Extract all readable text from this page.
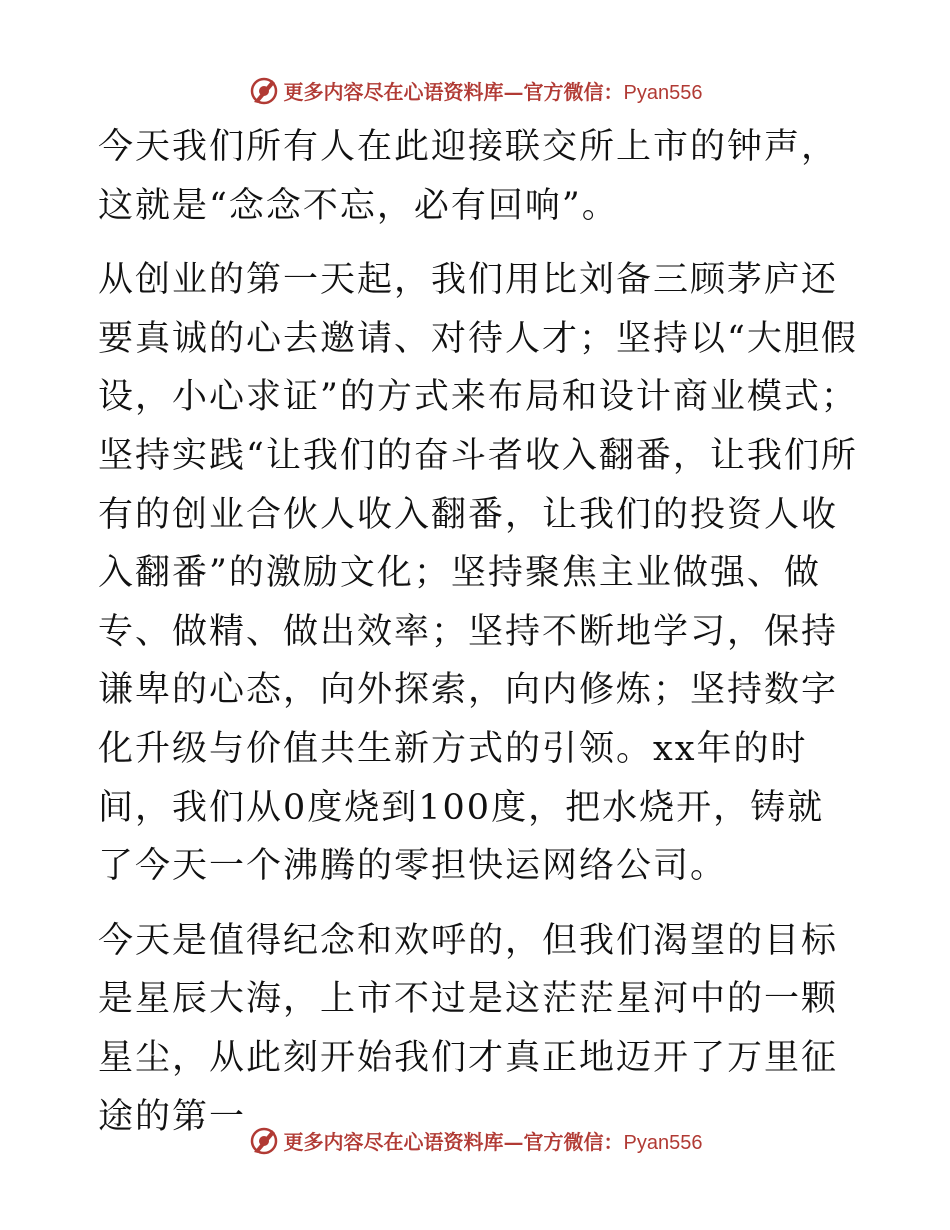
更多内容尽在心语资料库—官方微信：Pyan556

今天我们所有人在此迎接联交所上市的钟声，这就是“念念不忘，必有回响”。

从创业的第一天起，我们用比刘备三顾茅庐还要真诚的心去邀请、对待人才；坚持以“大胆假设，小心求证”的方式来布局和设计商业模式；坚持实践“让我们的奋斗者收入翻番，让我们所有的创业合伙人收入翻番，让我们的投资人收入翻番”的激励文化；坚持聚焦主业做强、做专、做精、做出效率；坚持不断地学习，保持谦卑的心态，向外探索，向内修炼；坚持数字化升级与价值共生新方式的引领。xx年的时间，我们从0度烧到100度，把水烧开，铸就了今天一个沸腾的零担快运网络公司。

今天是值得纪念和欢呼的，但我们渴望的目标是星辰大海，上市不过是这茫茫星河中的一颗星尘，从此刻开始我们才真正地迈开了万里征途的第一

更多内容尽在心语资料库—官方微信：Pyan556
